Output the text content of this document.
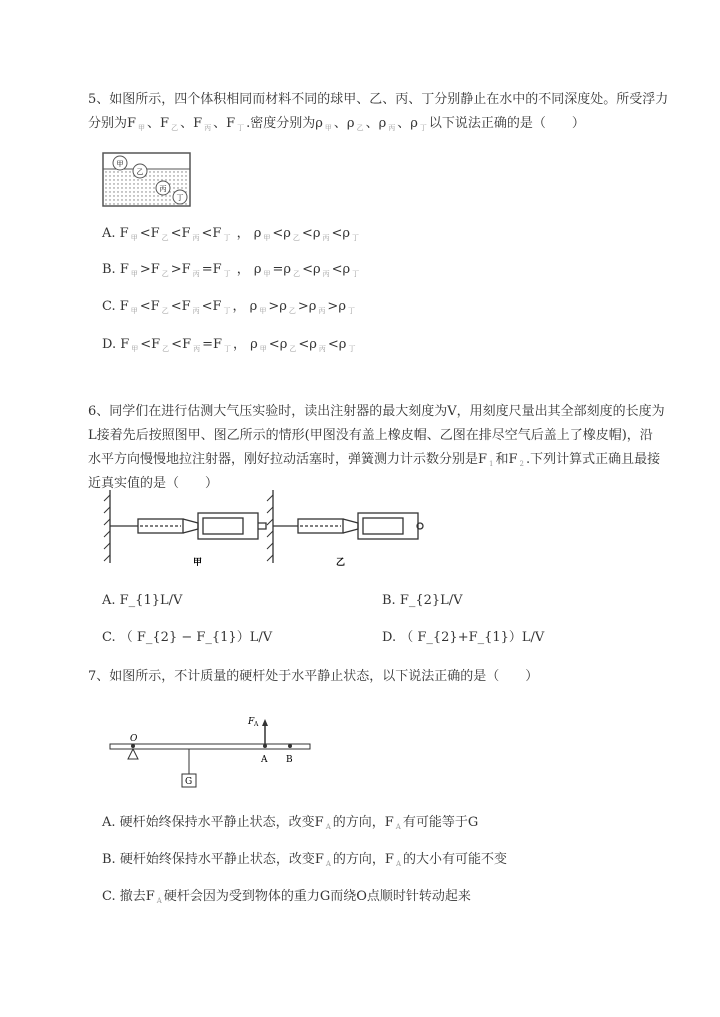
5、如图所示，四个体积相同而材料不同的球甲、乙、丙、丁分别静止在水中的不同深度处。所受浮力
分别为F $_甲$ 、F $_乙$ 、F $_丙$ 、F $_丁$ .密度分别为ρ $_甲$ 、ρ $_乙$ 、ρ $_丙$ 、ρ $_丁$ 以下说法正确的是（　　）
甲
乙
丙
丁
A. F $_甲$ <F $_乙$ <F $_丙$ <F $_丁$ ， ρ $_甲$ <ρ $_乙$ <ρ $_丙$ <ρ $_丁$
B. F $_甲$ >F $_乙$ >F $_丙$ =F $_丁$ ， ρ $_甲$ =ρ $_乙$ <ρ $_丙$ <ρ $_丁$
C. F $_甲$ <F $_乙$ <F $_丙$ <F $_丁$ ， ρ $_甲$ >ρ $_乙$ >ρ $_丙$ >ρ $_丁$
D. F $_甲$ <F $_乙$ <F $_丙$ =F $_丁$ ， ρ $_甲$ <ρ $_乙$ <ρ $_丙$ <ρ $_丁$
6、同学们在进行估测大气压实验时，读出注射器的最大刻度为V，用刻度尺量出其全部刻度的长度为
L接着先后按照图甲、图乙所示的情形(甲图没有盖上橡皮帽、乙图在排尽空气后盖上了橡皮帽)，沿
水平方向慢慢地拉注射器，刚好拉动活塞时，弹簧测力计示数分别是F $_1$ 和F $_2$ .下列计算式正确且最接
近真实值的是（　　）
甲	乙
A. F_{1}L/V	B. F_{2}L/V
C. （ F_{2} − F_{1}）L/V	D. （ F_{2}+F_{1}）L/V
7、如图所示，不计质量的硬杆处于水平静止状态，以下说法正确的是（　　）
O
F A
A B
G
A. 硬杆始终保持水平静止状态，改变F $_A$ 的方向，F $_A$ 有可能等于G
B. 硬杆始终保持水平静止状态，改变F $_A$ 的方向，F $_A$ 的大小有可能不变
C. 撤去F $_A$ 硬杆会因为受到物体的重力G而绕O点顺时针转动起来
